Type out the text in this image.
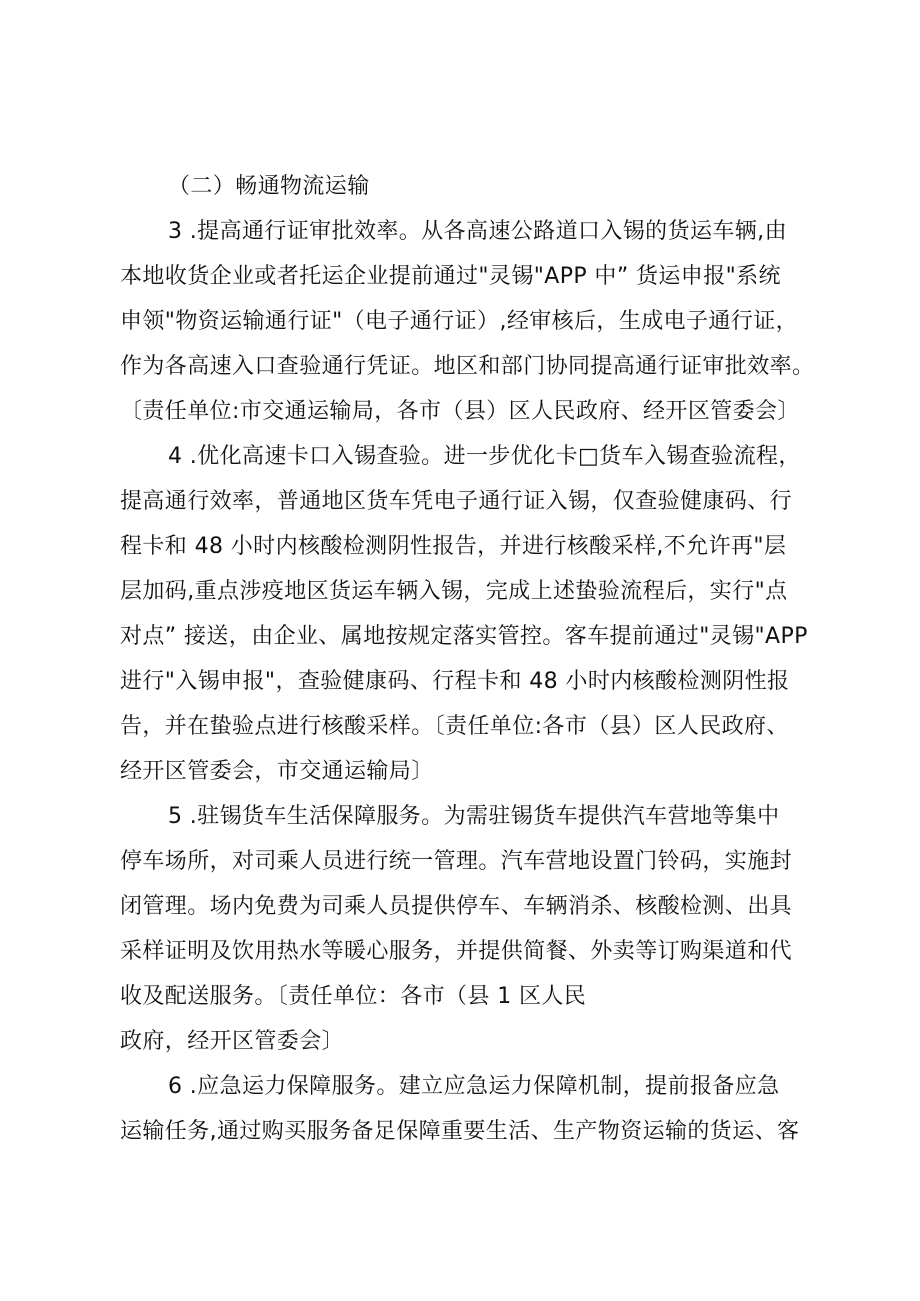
（二）畅通物流运输
3 .提高通行证审批效率。从各高速公路道口入锡的货运车辆,由
本地收货企业或者托运企业提前通过"灵锡"APP 中” 货运申报"系统
申领"物资运输通行证"（电子通行证）,经审核后，生成电子通行证，
作为各高速入口查验通行凭证。地区和部门协同提高通行证审批效率。
〔责任单位:市交通运输局，各市（县）区人民政府、经开区管委会〕
4 .优化高速卡口入锡查验。进一步优化卡□货车入锡查验流程，
提高通行效率，普通地区货车凭电子通行证入锡，仅查验健康码、行
程卡和 48 小时内核酸检测阴性报告，并进行核酸采样,不允许再"层
层加码,重点涉疫地区货运车辆入锡，完成上述蛰验流程后，实行"点
对点” 接送，由企业、属地按规定落实管控。客车提前通过"灵锡"APP
进行"入锡申报"，查验健康码、行程卡和 48 小时内核酸检测阴性报
告，并在蛰验点进行核酸采样。〔责任单位:各市（县）区人民政府、
经开区管委会，市交通运输局〕
5 .驻锡货车生活保障服务。为需驻锡货车提供汽车营地等集中
停车场所，对司乘人员进行统一管理。汽车营地设置门铃码，实施封
闭管理。场内免费为司乘人员提供停车、车辆消杀、核酸检测、出具
采样证明及饮用热水等暖心服务，并提供简餐、外卖等订购渠道和代
收及配送服务。〔责任单位：各市（县 1 区人民
政府，经开区管委会〕
6 .应急运力保障服务。建立应急运力保障机制，提前报备应急
运输任务,通过购买服务备足保障重要生活、生产物资运输的货运、客
